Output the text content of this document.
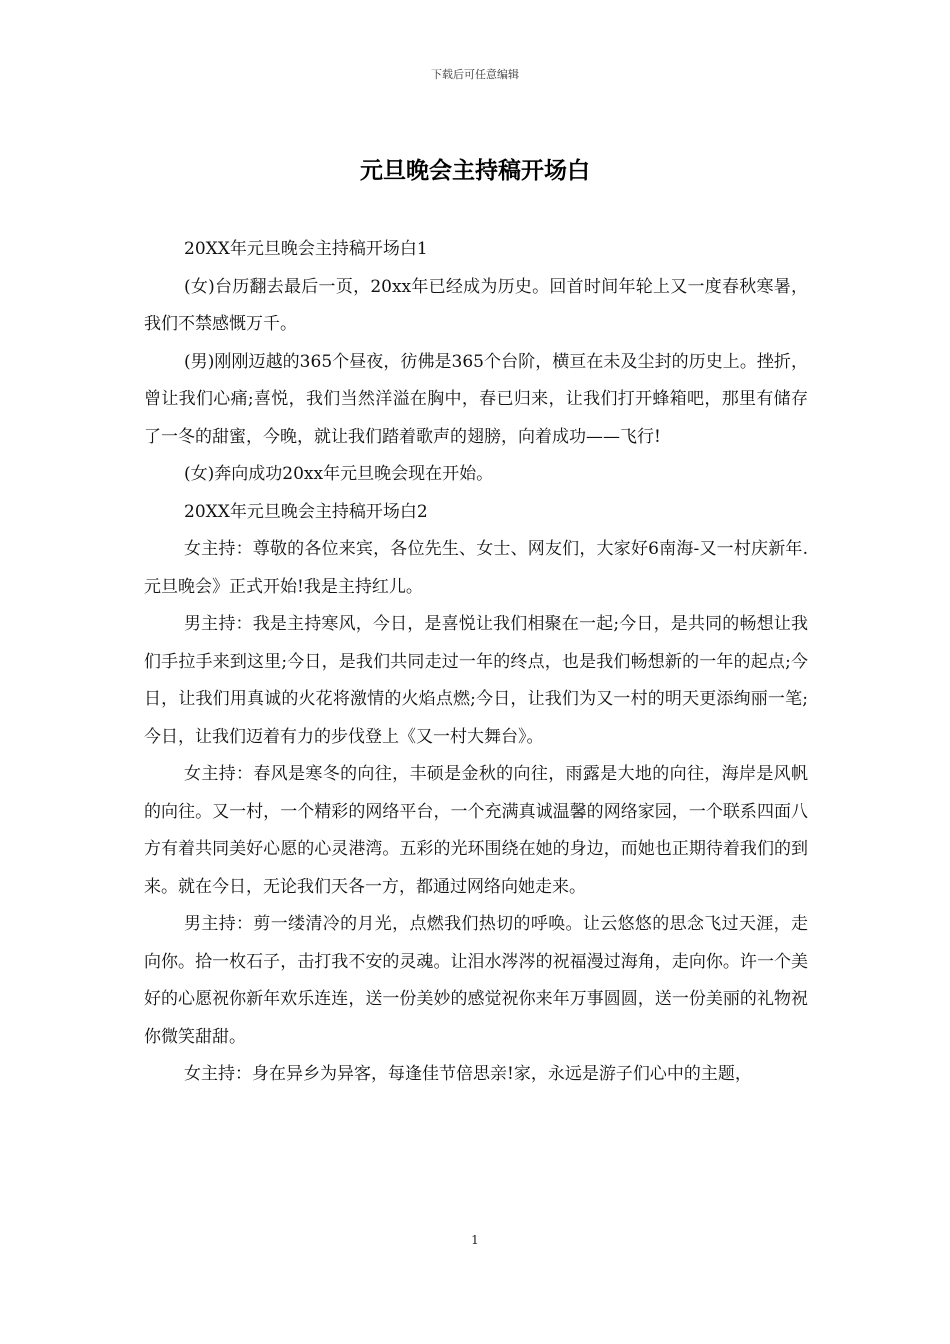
下载后可任意编辑
元旦晚会主持稿开场白

20XX年元旦晚会主持稿开场白1

(女)台历翻去最后一页，20xx年已经成为历史。回首时间年轮上又一度春秋寒暑，我们不禁感慨万千。

(男)刚刚迈越的365个昼夜，彷佛是365个台阶，横亘在未及尘封的历史上。挫折，曾让我们心痛;喜悦，我们当然洋溢在胸中，春已归来，让我们打开蜂箱吧，那里有储存了一冬的甜蜜，今晚，就让我们踏着歌声的翅膀，向着成功——飞行!

(女)奔向成功20xx年元旦晚会现在开始。

20XX年元旦晚会主持稿开场白2

女主持：尊敬的各位来宾，各位先生、女士、网友们，大家好6南海-又一村庆新年.元旦晚会》正式开始!我是主持红儿。

男主持：我是主持寒风，今日，是喜悦让我们相聚在一起;今日，是共同的畅想让我们手拉手来到这里;今日，是我们共同走过一年的终点，也是我们畅想新的一年的起点;今日，让我们用真诚的火花将激情的火焰点燃;今日，让我们为又一村的明天更添绚丽一笔;今日，让我们迈着有力的步伐登上《又一村大舞台》。

女主持：春风是寒冬的向往，丰硕是金秋的向往，雨露是大地的向往，海岸是风帆的向往。又一村，一个精彩的网络平台，一个充满真诚温馨的网络家园，一个联系四面八方有着共同美好心愿的心灵港湾。五彩的光环围绕在她的身边，而她也正期待着我们的到来。就在今日，无论我们天各一方，都通过网络向她走来。

男主持：剪一缕清冷的月光，点燃我们热切的呼唤。让云悠悠的思念飞过天涯，走向你。拾一枚石子，击打我不安的灵魂。让泪水涔涔的祝福漫过海角，走向你。许一个美好的心愿祝你新年欢乐连连，送一份美妙的感觉祝你来年万事圆圆，送一份美丽的礼物祝你微笑甜甜。

女主持：身在异乡为异客，每逢佳节倍思亲!家，永远是游子们心中的主题，

1
